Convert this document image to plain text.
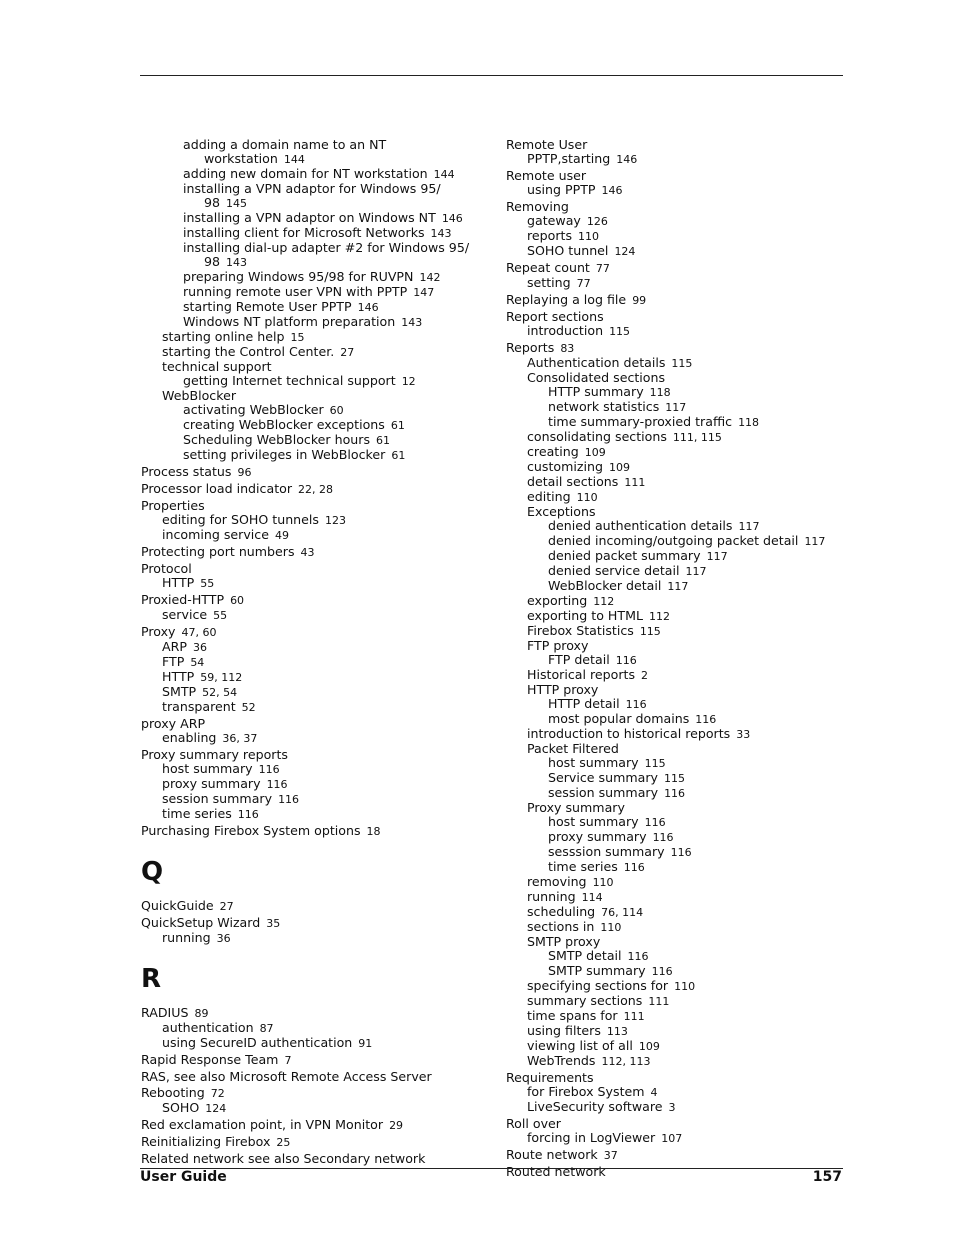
adding a domain name to an NT
workstation 144
adding new domain for NT workstation 144
installing a VPN adaptor for Windows 95/
98 145
installing a VPN adaptor on Windows NT 146
installing client for Microsoft Networks 143
installing dial-up adapter #2 for Windows 95/
98 143
preparing Windows 95/98 for RUVPN 142
running remote user VPN with PPTP 147
starting Remote User PPTP 146
Windows NT platform preparation 143
starting online help 15
starting the Control Center. 27
technical support
getting Internet technical support 12
WebBlocker
activating WebBlocker 60
creating WebBlocker exceptions 61
Scheduling WebBlocker hours 61
setting privileges in WebBlocker 61
Process status 96
Processor load indicator 22, 28
Properties
editing for SOHO tunnels 123
incoming service 49
Protecting port numbers 43
Protocol
HTTP 55
Proxied-HTTP 60
service 55
Proxy 47, 60
ARP 36
FTP 54
HTTP 59, 112
SMTP 52, 54
transparent 52
proxy ARP
enabling 36, 37
Proxy summary reports
host summary 116
proxy summary 116
session summary 116
time series 116
Purchasing Firebox System options 18
Q
QuickGuide 27
QuickSetup Wizard 35
running 36
R
RADIUS 89
authentication 87
using SecureID authentication 91
Rapid Response Team 7
RAS, see also Microsoft Remote Access Server
Rebooting 72
SOHO 124
Red exclamation point, in VPN Monitor 29
Reinitializing Firebox 25
Related network see also Secondary network
Remote User
PPTP,starting 146
Remote user
using PPTP 146
Removing
gateway 126
reports 110
SOHO tunnel 124
Repeat count 77
setting 77
Replaying a log file 99
Report sections
introduction 115
Reports 83
Authentication details 115
Consolidated sections
HTTP summary 118
network statistics 117
time summary-proxied traffic 118
consolidating sections 111, 115
creating 109
customizing 109
detail sections 111
editing 110
Exceptions
denied authentication details 117
denied incoming/outgoing packet detail 117
denied packet summary 117
denied service detail 117
WebBlocker detail 117
exporting 112
exporting to HTML 112
Firebox Statistics 115
FTP proxy
FTP detail 116
Historical reports 2
HTTP proxy
HTTP detail 116
most popular domains 116
introduction to historical reports 33
Packet Filtered
host summary 115
Service summary 115
session summary 116
Proxy summary
host summary 116
proxy summary 116
sesssion summary 116
time series 116
removing 110
running 114
scheduling 76, 114
sections in 110
SMTP proxy
SMTP detail 116
SMTP summary 116
specifying sections for 110
summary sections 111
time spans for 111
using filters 113
viewing list of all 109
WebTrends 112, 113
Requirements
for Firebox System 4
LiveSecurity software 3
Roll over
forcing in LogViewer 107
Route network 37
Routed network
User Guide	157
